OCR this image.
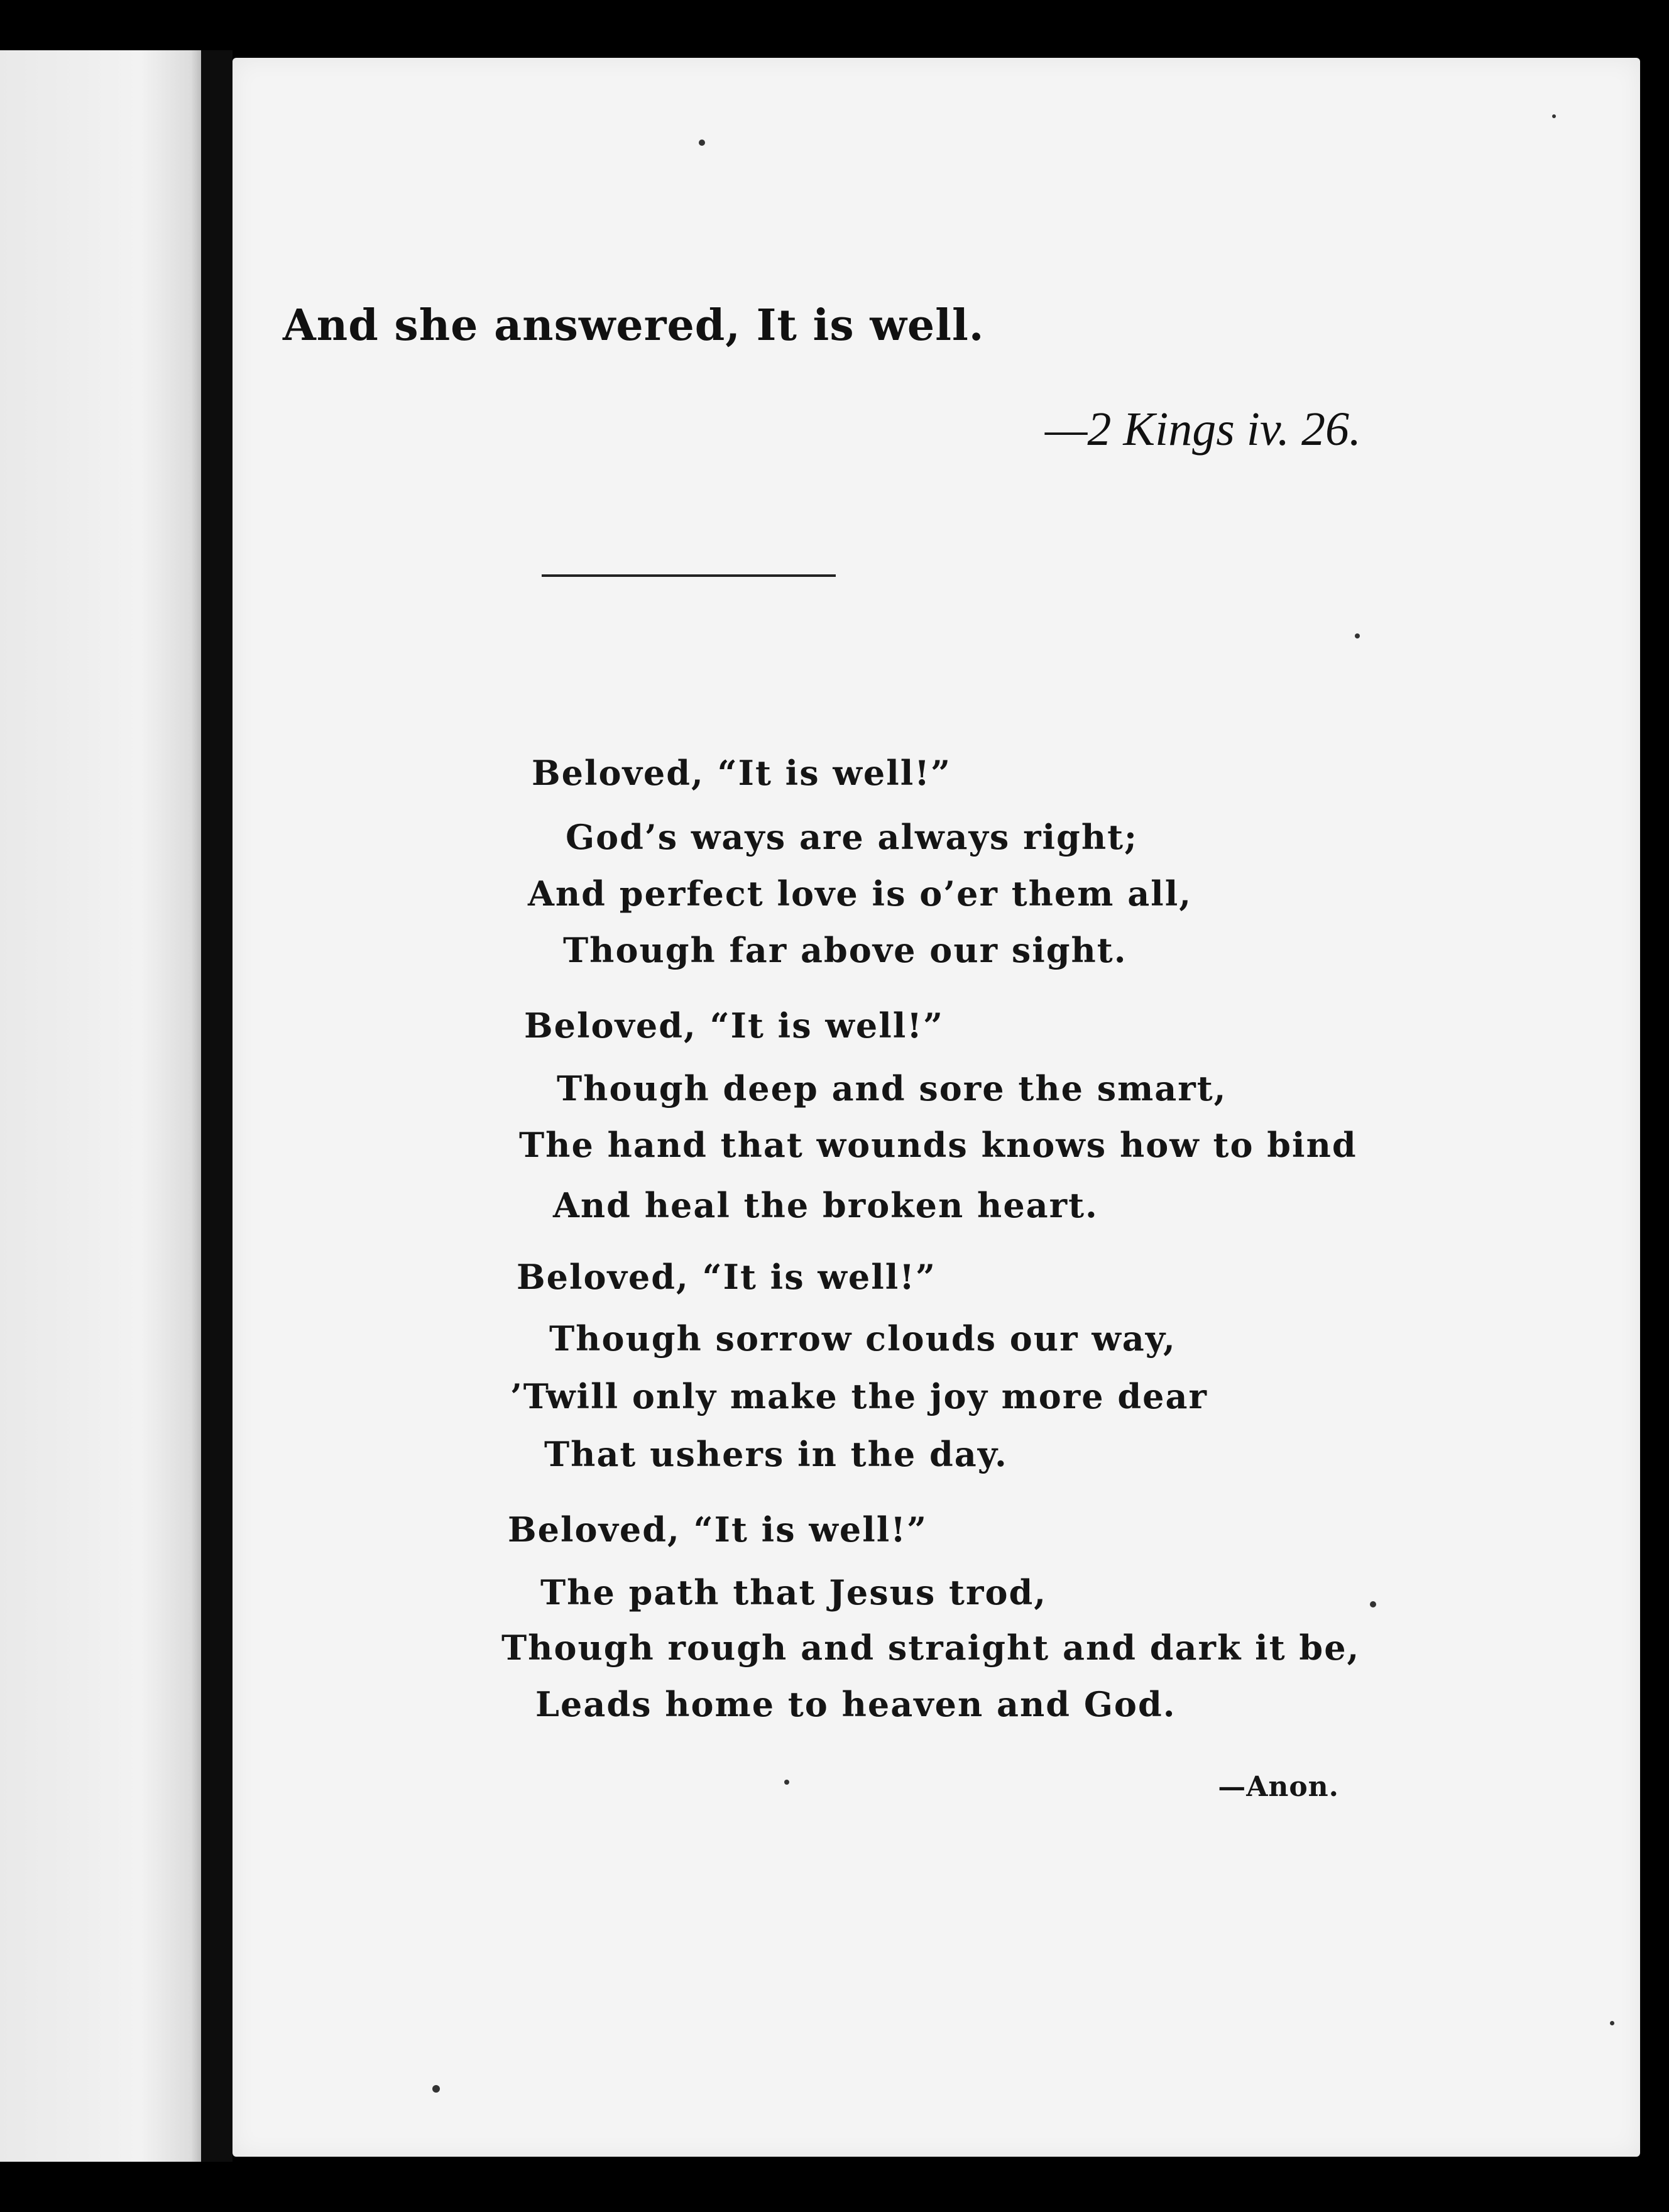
And she answered, It is well.
—2 Kings iv. 26.
Beloved, “It is well!”
God’s ways are always right;
And perfect love is o’er them all,
Though far above our sight.
Beloved, “It is well!”
Though deep and sore the smart,
The hand that wounds knows how to bind
And heal the broken heart.
Beloved, “It is well!”
Though sorrow clouds our way,
’Twill only make the joy more dear
That ushers in the day.
Beloved, “It is well!”
The path that Jesus trod,
Though rough and straight and dark it be,
Leads home to heaven and God.
—Anon.
